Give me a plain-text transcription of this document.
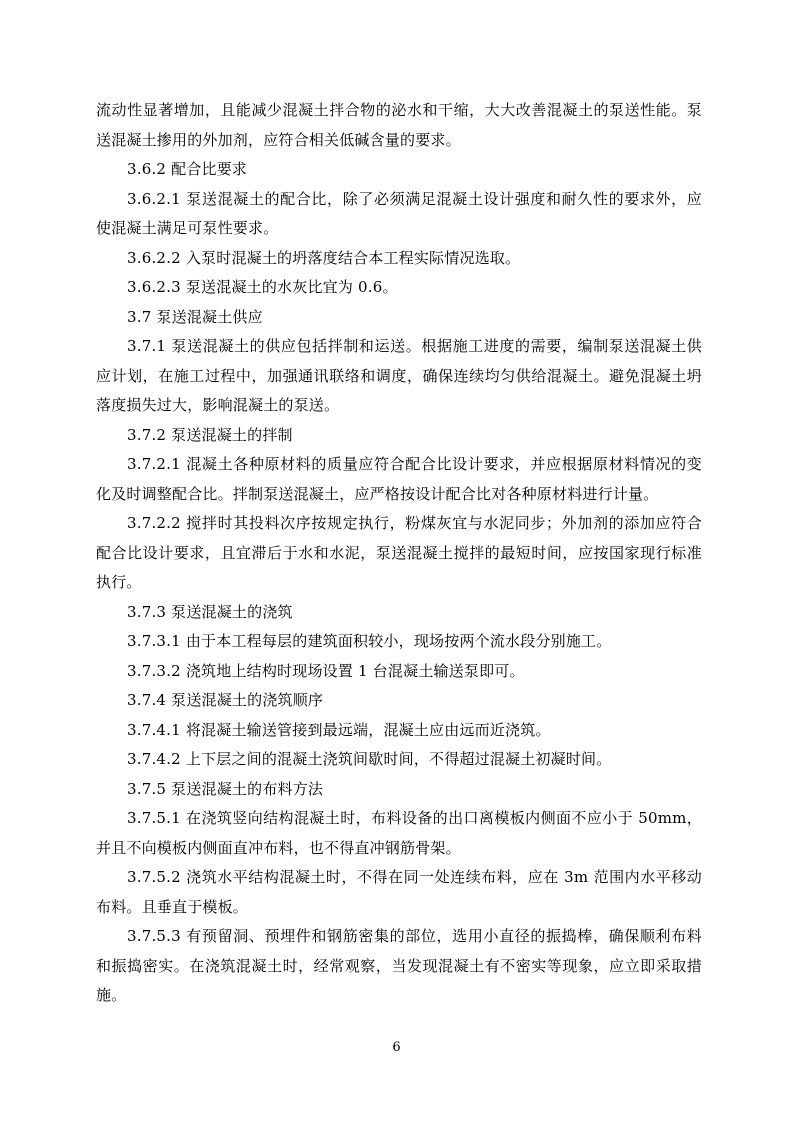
流动性显著增加，且能减少混凝土拌合物的泌水和干缩，大大改善混凝土的泵送性能。泵送混凝土掺用的外加剂，应符合相关低碱含量的要求。

3.6.2 配合比要求

3.6.2.1 泵送混凝土的配合比，除了必须满足混凝土设计强度和耐久性的要求外，应使混凝土满足可泵性要求。

3.6.2.2 入泵时混凝土的坍落度结合本工程实际情况选取。

3.6.2.3 泵送混凝土的水灰比宜为 0.6。

3.7 泵送混凝土供应

3.7.1 泵送混凝土的供应包括拌制和运送。根据施工进度的需要，编制泵送混凝土供应计划，在施工过程中，加强通讯联络和调度，确保连续均匀供给混凝土。避免混凝土坍落度损失过大，影响混凝土的泵送。

3.7.2 泵送混凝土的拌制

3.7.2.1 混凝土各种原材料的质量应符合配合比设计要求，并应根据原材料情况的变化及时调整配合比。拌制泵送混凝土，应严格按设计配合比对各种原材料进行计量。

3.7.2.2 搅拌时其投料次序按规定执行，粉煤灰宜与水泥同步；外加剂的添加应符合配合比设计要求，且宜滞后于水和水泥，泵送混凝土搅拌的最短时间，应按国家现行标准执行。

3.7.3 泵送混凝土的浇筑

3.7.3.1 由于本工程每层的建筑面积较小，现场按两个流水段分别施工。

3.7.3.2 浇筑地上结构时现场设置 1 台混凝土输送泵即可。

3.7.4 泵送混凝土的浇筑顺序

3.7.4.1 将混凝土输送管接到最远端，混凝土应由远而近浇筑。

3.7.4.2 上下层之间的混凝土浇筑间歇时间，不得超过混凝土初凝时间。

3.7.5 泵送混凝土的布料方法

3.7.5.1 在浇筑竖向结构混凝土时，布料设备的出口离模板内侧面不应小于 50mm，并且不向模板内侧面直冲布料，也不得直冲钢筋骨架。

3.7.5.2 浇筑水平结构混凝土时，不得在同一处连续布料，应在 3m 范围内水平移动布料。且垂直于模板。

3.7.5.3 有预留洞、预埋件和钢筋密集的部位，选用小直径的振捣棒，确保顺利布料和振捣密实。在浇筑混凝土时，经常观察，当发现混凝土有不密实等现象，应立即采取措施。

6
